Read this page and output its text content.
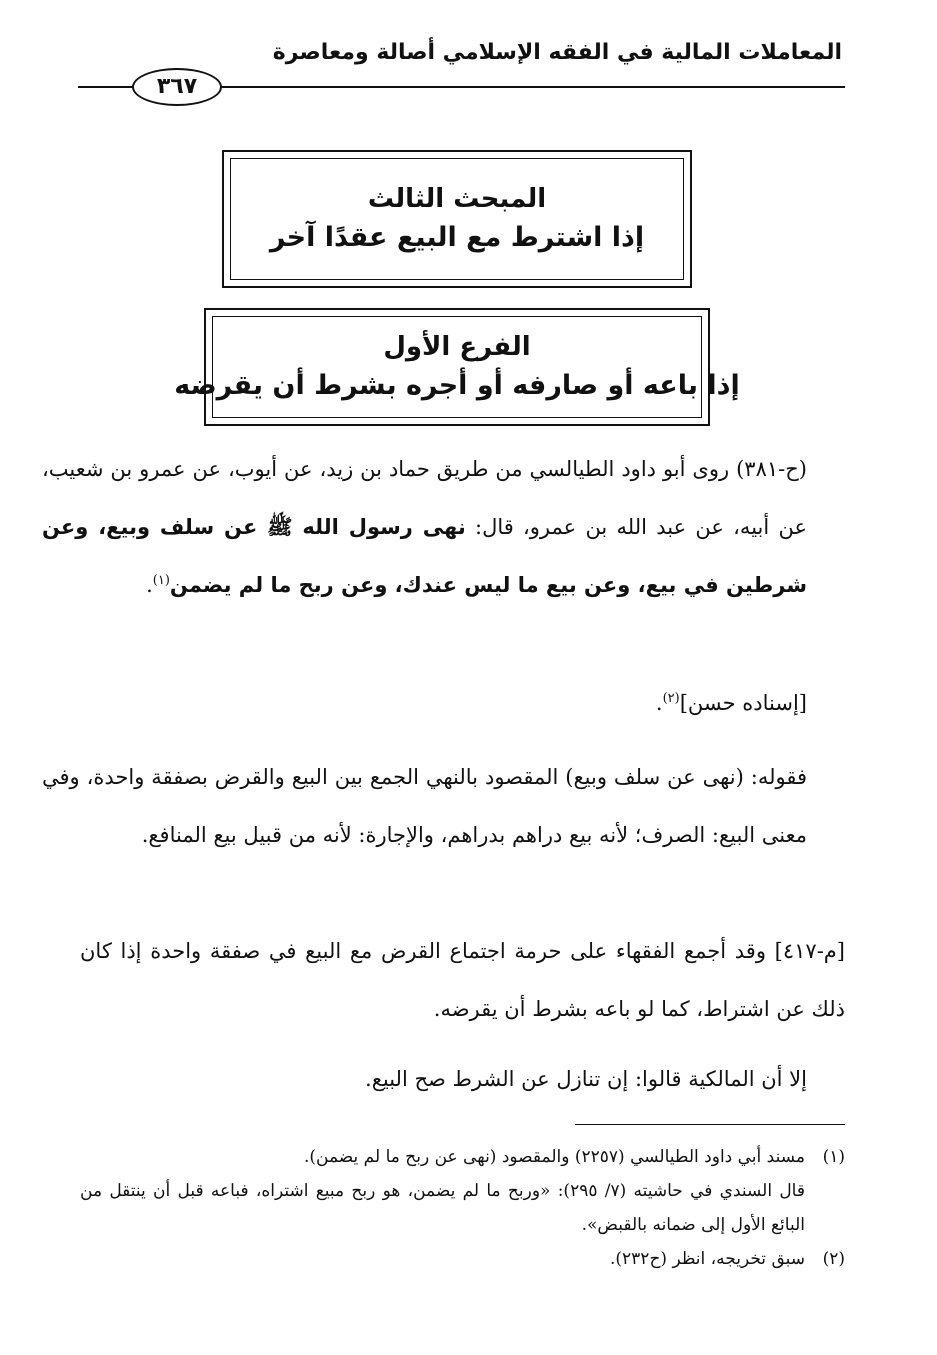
المعاملات المالية في الفقه الإسلامي أصالة ومعاصرة
٣٦٧
المبحث الثالث
إذا اشترط مع البيع عقدًا آخر
الفرع الأول
إذا باعه أو صارفه أو أجره بشرط أن يقرضه
(ح-٣٨١) روى أبو داود الطيالسي من طريق حماد بن زيد، عن أيوب، عن عمرو بن شعيب، عن أبيه، عن عبد الله بن عمرو، قال: نهى رسول الله ﷺ عن سلف وبيع، وعن شرطين في بيع، وعن بيع ما ليس عندك، وعن ربح ما لم يضمن$^{(١)}$.
[إسناده حسن]$^{(٢)}$.
فقوله: (نهى عن سلف وبيع) المقصود بالنهي الجمع بين البيع والقرض بصفقة واحدة، وفي معنى البيع: الصرف؛ لأنه بيع دراهم بدراهم، والإجارة: لأنه من قبيل بيع المنافع.
[م-٤١٧] وقد أجمع الفقهاء على حرمة اجتماع القرض مع البيع في صفقة واحدة إذا كان ذلك عن اشتراط، كما لو باعه بشرط أن يقرضه.
إلا أن المالكية قالوا: إن تنازل عن الشرط صح البيع.
(١)
مسند أبي داود الطيالسي (٢٢٥٧) والمقصود (نهى عن ربح ما لم يضمن).
قال السندي في حاشيته (٧/ ٢٩٥): «وربح ما لم يضمن، هو ربح مبيع اشتراه، فباعه قبل أن ينتقل من البائع الأول إلى ضمانه بالقبض».
(٢)
سبق تخريجه، انظر (ح٢٣٢).
